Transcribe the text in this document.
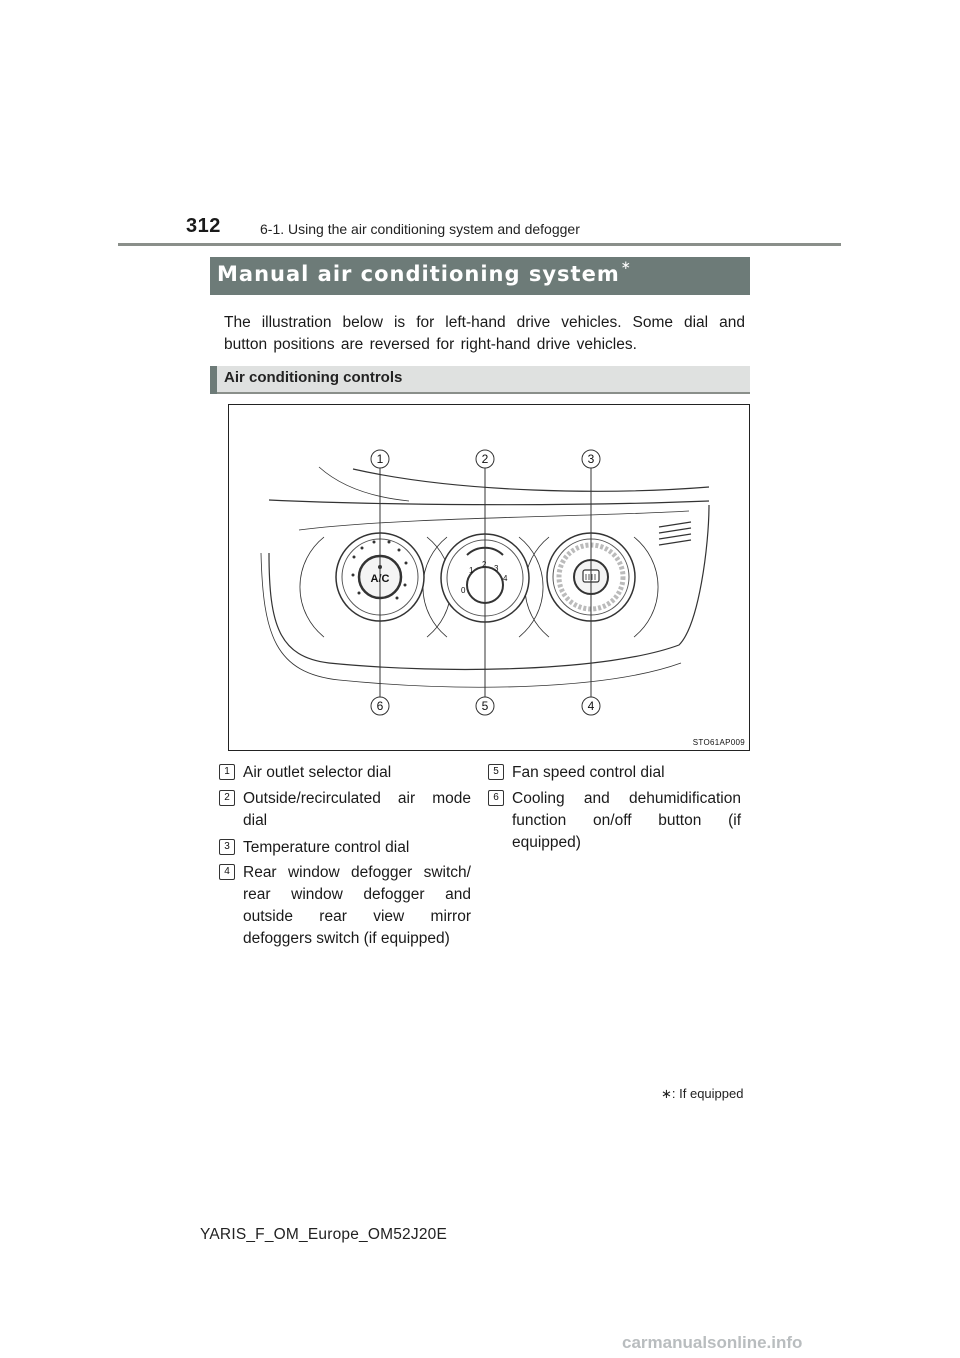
312	6-1. Using the air conditioning system and defogger
Manual air conditioning system∗
The illustration below is for left-hand drive vehicles. Some dial and button positions are reversed for right-hand drive vehicles.
Air conditioning controls
A/C
0
1
2 3
4
1	2	3
4
5
6
STO61AP009
1 Air outlet selector dial
2 Outside/recirculated air mode dial
3 Temperature control dial
4 Rear window defogger switch/ rear window defogger and outside rear view mirror defoggers switch (if equipped)
5 Fan speed control dial
6 Cooling and dehumidification function on/off button (if equipped)
∗: If equipped
YARIS_F_OM_Europe_OM52J20E
carmanualsonline.info
